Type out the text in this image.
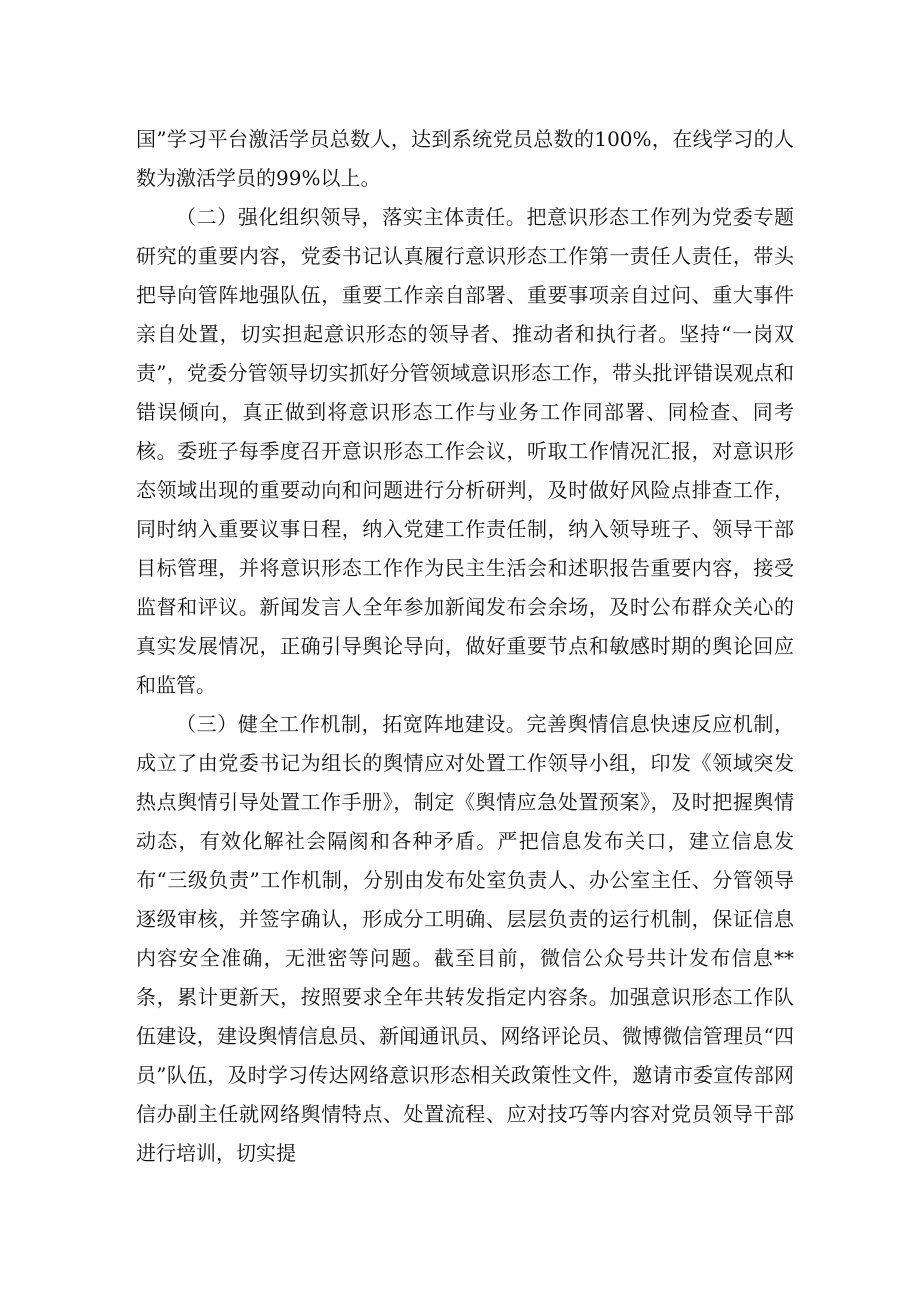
国”学习平台激活学员总数人，达到系统党员总数的100%，在线学习的人数为激活学员的99%以上。

（二）强化组织领导，落实主体责任。把意识形态工作列为党委专题研究的重要内容，党委书记认真履行意识形态工作第一责任人责任，带头把导向管阵地强队伍，重要工作亲自部署、重要事项亲自过问、重大事件亲自处置，切实担起意识形态的领导者、推动者和执行者。坚持“一岗双责”，党委分管领导切实抓好分管领域意识形态工作，带头批评错误观点和错误倾向，真正做到将意识形态工作与业务工作同部署、同检查、同考核。委班子每季度召开意识形态工作会议，听取工作情况汇报，对意识形态领域出现的重要动向和问题进行分析研判，及时做好风险点排查工作，同时纳入重要议事日程，纳入党建工作责任制，纳入领导班子、领导干部目标管理，并将意识形态工作作为民主生活会和述职报告重要内容，接受监督和评议。新闻发言人全年参加新闻发布会余场，及时公布群众关心的真实发展情况，正确引导舆论导向，做好重要节点和敏感时期的舆论回应和监管。

（三）健全工作机制，拓宽阵地建设。完善舆情信息快速反应机制，成立了由党委书记为组长的舆情应对处置工作领导小组，印发《领域突发热点舆情引导处置工作手册》，制定《舆情应急处置预案》，及时把握舆情动态，有效化解社会隔阂和各种矛盾。严把信息发布关口，建立信息发布“三级负责”工作机制，分别由发布处室负责人、办公室主任、分管领导逐级审核，并签字确认，形成分工明确、层层负责的运行机制，保证信息内容安全准确，无泄密等问题。截至目前，微信公众号共计发布信息**条，累计更新天，按照要求全年共转发指定内容条。加强意识形态工作队伍建设，建设舆情信息员、新闻通讯员、网络评论员、微博微信管理员“四员”队伍，及时学习传达网络意识形态相关政策性文件，邀请市委宣传部网信办副主任就网络舆情特点、处置流程、应对技巧等内容对党员领导干部进行培训，切实提
